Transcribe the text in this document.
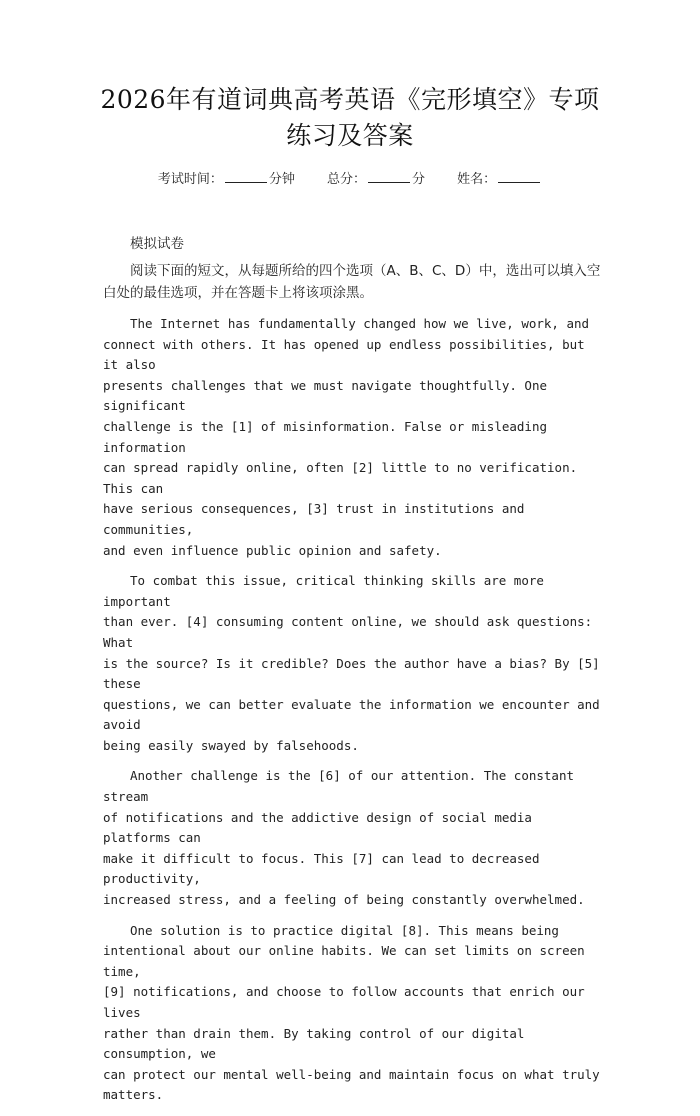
2026年有道词典高考英语《完形填空》专项
练习及答案
考试时间：	分钟 总分：	分 姓名：
模拟试卷
阅读下面的短文，从每题所给的四个选项（A、B、C、D）中，选出可以填入空白处的最佳选项，并在答题卡上将该项涂黑。

The Internet has fundamentally changed how we live, work, and
connect with others. It has opened up endless possibilities, but it also
presents challenges that we must navigate thoughtfully. One significant
challenge is the [1] of misinformation. False or misleading information
can spread rapidly online, often [2] little to no verification. This can
have serious consequences, [3] trust in institutions and communities,
and even influence public opinion and safety.

To combat this issue, critical thinking skills are more important
than ever. [4] consuming content online, we should ask questions: What
is the source? Is it credible? Does the author have a bias? By [5] these
questions, we can better evaluate the information we encounter and avoid
being easily swayed by falsehoods.

Another challenge is the [6] of our attention. The constant stream
of notifications and the addictive design of social media platforms can
make it difficult to focus. This [7] can lead to decreased productivity,
increased stress, and a feeling of being constantly overwhelmed.

One solution is to practice digital [8]. This means being
intentional about our online habits. We can set limits on screen time,
[9] notifications, and choose to follow accounts that enrich our lives
rather than drain them. By taking control of our digital consumption, we
can protect our mental well-being and maintain focus on what truly
matters.
